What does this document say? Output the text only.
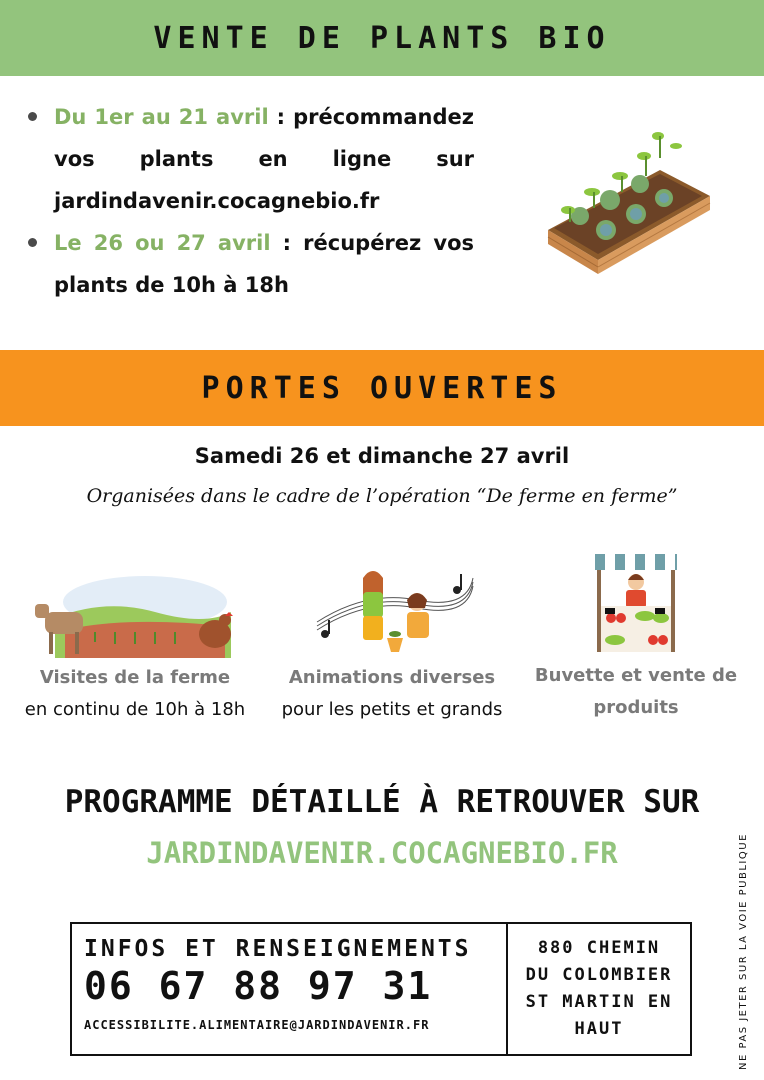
VENTE DE PLANTS BIO
Du 1er au 21 avril : précommandez vos plants en ligne sur jardindavenir.cocagnebio.fr
Le 26 ou 27 avril : récupérez vos plants de 10h à 18h
PORTES OUVERTES
Samedi 26 et dimanche 27 avril
Organisées dans le cadre de l’opération “De ferme en ferme”
Visites de la ferme
en continu de 10h à 18h
Animations diverses
pour les petits et grands
Buvette et vente de produits
PROGRAMME DÉTAILLÉ À RETROUVER SUR
JARDINDAVENIR.COCAGNEBIO.FR
INFOS ET RENSEIGNEMENTS
06 67 88 97 31
ACCESSIBILITE.ALIMENTAIRE@JARDINDAVENIR.FR
880 CHEMIN
DU COLOMBIER
ST MARTIN EN
HAUT	NE PAS JETER SUR LA VOIE PUBLIQUE
